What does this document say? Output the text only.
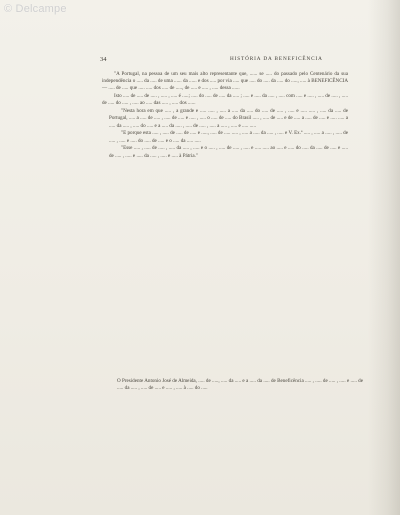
© Delcampe
34	HISTÓRIA DA BENEFICÊNCIA

"A Portugal, na pessoa de um seu mais alto representante que, ...... se ..... do passado pelo Centenário da sua independência o ..... da ..... de uma ...... da ...... e dos ..... por via ..... que ..... do ..... da ..... do ....., ..... à BENEFICÊNCIA — ..... de ..... que ..... ..... dos ..... de ....., de ..... e ..... , ..... dessa ......

Isto ..... de ..... de ..... , ..... , ..... é .....; ..... do ..... de ..... da ..... ; ..... e ..... da ..... , ..... com ..... e ..... , ..... de ..... , ..... de ..... do ..... , ..... ao ..... das ..... , ..... dos ......

"Nesta hora em que ..... , a grande e ..... ..... , ..... a ..... da ..... do ..... de ..... , ..... e ..... ..... , ..... da ..... de Portugal, ..... a ..... de ..... , ..... de ..... e ..... , ..... o ..... de ..... do Brasil ..... , ..... de ..... e de ..... a ..... de ..... e ..... ..... a ..... da ..... , ..... do ..... e a ..... da ..... , ..... de ..... , ..... a ..... , ..... e ..... .....

"E porque esta ..... , ..... de ..... de ..... e ....., ..... de ..... ..... , ..... a ..... da ..... , ..... e V. Ex.ª ..... , ..... a ..... , ..... de ..... , ..... e ..... do ..... de ..... e o ..... da ..... .....

"Esse ..... , ..... de ..... , ..... da ..... , ..... e o ..... , ..... de ..... , ..... e ..... ..... ao ..... e ..... do ..... da ..... de ..... e ..... de ..... , ..... e ..... da ..... , ..... e ..... à Pátria."

O Presidente Antonio José de Almeida, ..... de ....., ..... da ..... e a ..... da ..... de Beneficência ..... , ..... de ..... , ..... e ..... de ..... da ..... , ..... de ..... e ..... , ..... à ..... do .....
